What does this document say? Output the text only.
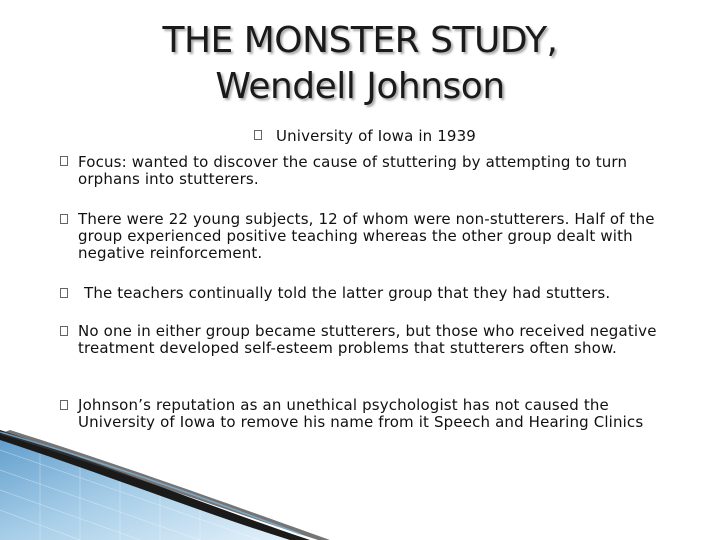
THE MONSTER STUDY,
Wendell Johnson
University of Iowa in 1939
Focus: wanted to discover the cause of stuttering by attempting to turn orphans into stutterers.
There were 22 young subjects, 12 of whom were non-stutterers. Half of the group experienced positive teaching whereas the other group dealt with negative reinforcement.
The teachers continually told the latter group that they had stutters.
No one in either group became stutterers, but those who received negative treatment developed self-esteem problems that stutterers often show.
Johnson’s reputation as an unethical psychologist has not caused the University of Iowa to remove his name from it Speech and Hearing Clinics
